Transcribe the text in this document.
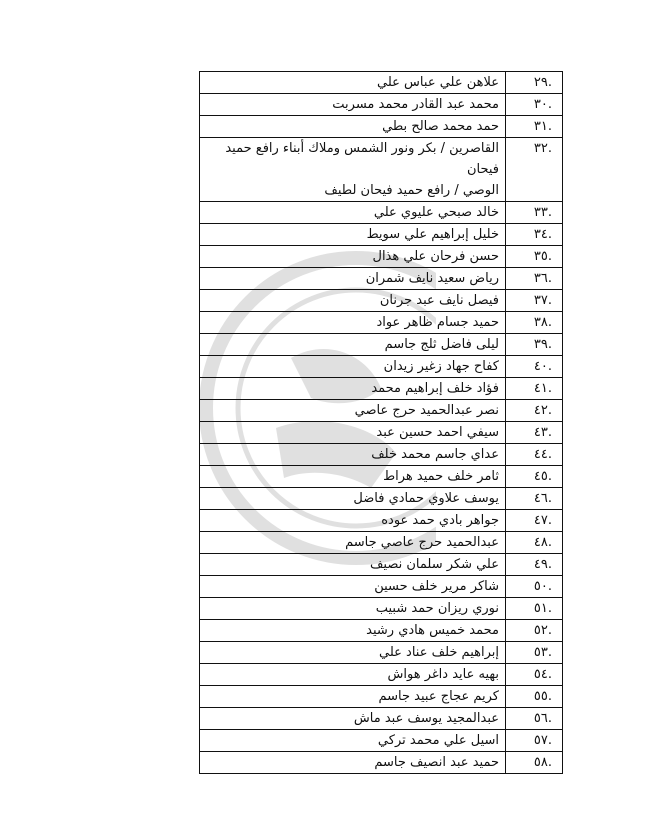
.٢٩	علاهن علي عباس علي

.٣٠	محمد عبد القادر محمد مسربت

.٣١	حمد محمد صالح بطي

.٣٢	القاصرين / بكر ونور الشمس وملاك أبناء رافع حميد
فيحان
الوصي / رافع حميد فيحان لطيف

.٣٣	خالد صبحي عليوي علي

.٣٤	خليل إبراهيم علي سويط

.٣٥	حسن فرحان علي هذال

.٣٦	رياض سعيد نايف شمران

.٣٧	فيصل نايف عبد جرنان

.٣٨	حميد جسام ظاهر عواد

.٣٩	ليلى فاضل ثلج جاسم

.٤٠	كفاح جهاد زغير زيدان

.٤١	فؤاد خلف إبراهيم محمد

.٤٢	نصر عبدالحميد حرج عاصي

.٤٣	سيفي احمد حسين عبد

.٤٤	عداي جاسم محمد خلف

.٤٥	ثامر خلف حميد هراط

.٤٦	يوسف علاوي حمادي فاضل

.٤٧	جواهر بادي حمد عوده

.٤٨	عبدالحميد حرج عاصي جاسم

.٤٩	علي شكر سلمان نصيف

.٥٠	شاكر مرير خلف حسين

.٥١	نوري ريزان حمد شبيب

.٥٢	محمد خميس هادي رشيد

.٥٣	إبراهيم خلف عناد علي

.٥٤	بهيه عايد داغر هواش

.٥٥	كريم عجاج عبيد جاسم

.٥٦	عبدالمجيد يوسف عبد ماش

.٥٧	اسيل علي محمد تركي

.٥٨	حميد عبد انصيف جاسم
